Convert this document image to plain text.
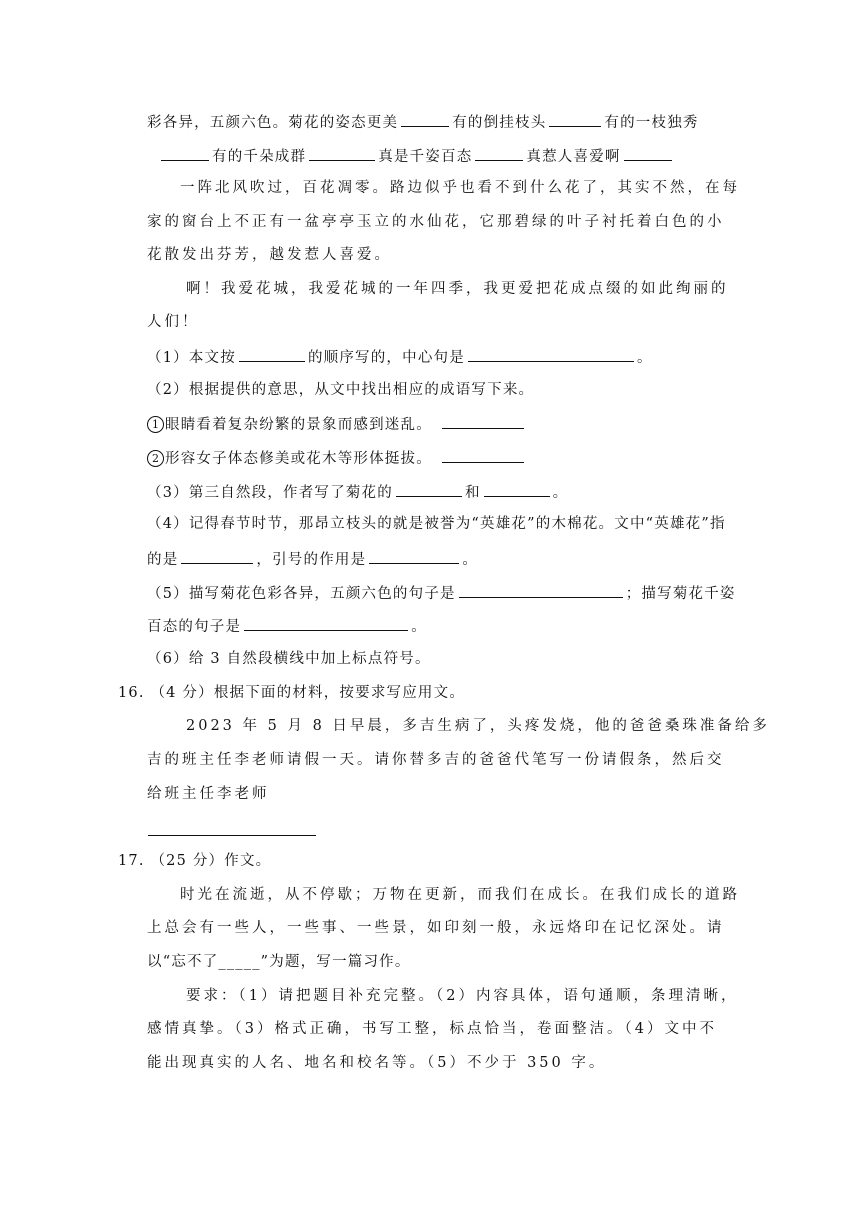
彩各异，五颜六色。菊花的姿态更美	有的倒挂枝头	有的一枝独秀
有的千朵成群	真是千姿百态	真惹人喜爱啊
一阵北风吹过，百花凋零。路边似乎也看不到什么花了，其实不然，在每
家的窗台上不正有一盆亭亭玉立的水仙花，它那碧绿的叶子衬托着白色的小
花散发出芬芳，越发惹人喜爱。
啊！我爱花城，我爱花城的一年四季，我更爱把花成点缀的如此绚丽的
人们！
（1）本文按	的顺序写的，中心句是	。
（2）根据提供的意思，从文中找出相应的成语写下来。
1 眼睛看着复杂纷繁的景象而感到迷乱。
2 形容女子体态修美或花木等形体挺拔。
（3）第三自然段，作者写了菊花的	和	。
（4）记得春节时节，那昂立枝头的就是被誉为“英雄花”的木棉花。文中“英雄花”指
的是	，引号的作用是	。
（5）描写菊花色彩各异，五颜六色的句子是	；描写菊花千姿
百态的句子是	。
（6）给 3 自然段横线中加上标点符号。
16. （4 分）根据下面的材料，按要求写应用文。
2023 年 5 月 8 日早晨，多吉生病了，头疼发烧，他的爸爸桑珠准备给多
吉的班主任李老师请假一天。请你替多吉的爸爸代笔写一份请假条，然后交
给班主任李老师
17. （25 分）作文。
时光在流逝，从不停歇；万物在更新，而我们在成长。在我们成长的道路
上总会有一些人，一些事、一些景，如印刻一般，永远烙印在记忆深处。请
以“忘不了_____”为题，写一篇习作。
要求：（1）请把题目补充完整。（2）内容具体，语句通顺，条理清晰，
感情真挚。（3）格式正确，书写工整，标点恰当，卷面整洁。（4）文中不
能出现真实的人名、地名和校名等。（5）不少于 350 字。
